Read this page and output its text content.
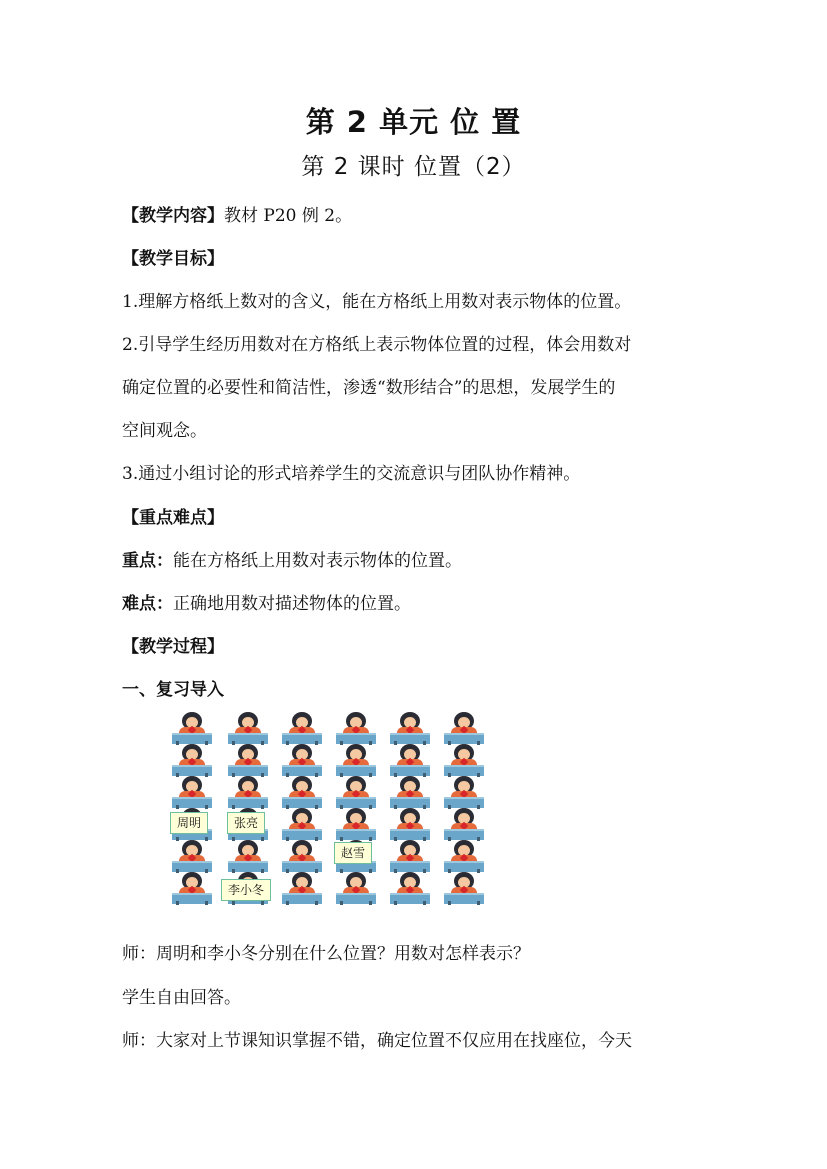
第 2 单元 位 置
第 2 课时 位置（2）
【教学内容】教材 P20 例 2。
【教学目标】
1.理解方格纸上数对的含义，能在方格纸上用数对表示物体的位置。
2.引导学生经历用数对在方格纸上表示物体位置的过程，体会用数对
确定位置的必要性和简洁性，渗透“数形结合”的思想，发展学生的
空间观念。
3.通过小组讨论的形式培养学生的交流意识与团队协作精神。
【重点难点】
重点：能在方格纸上用数对表示物体的位置。
难点：正确地用数对描述物体的位置。
【教学过程】
一、复习导入
周明	张亮
赵雪
李小冬
师：周明和李小冬分别在什么位置？用数对怎样表示？
学生自由回答。
师：大家对上节课知识掌握不错，确定位置不仅应用在找座位，今天
